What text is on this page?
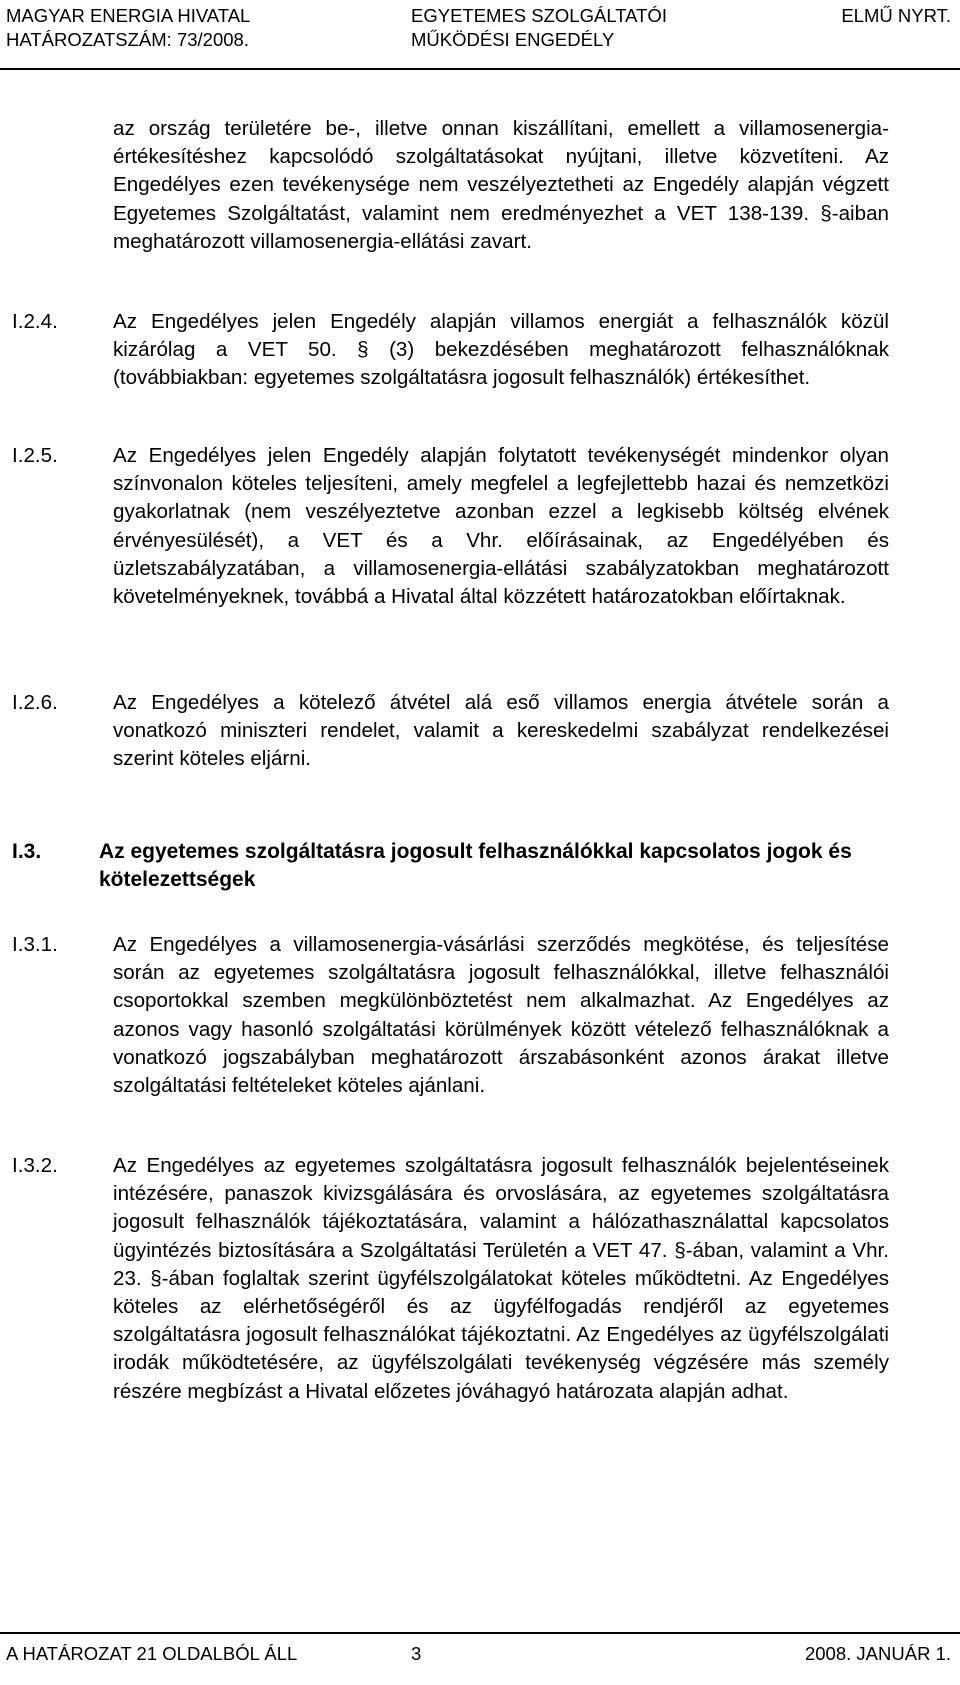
MAGYAR ENERGIA HIVATAL
HATÁROZATSZÁM: 73/2008.
EGYETEMES SZOLGÁLTATÓI
MŰKÖDÉSI ENGEDÉLY
ELMŰ NYRT.
az ország területére be-, illetve onnan kiszállítani, emellett a villamosenergia-értékesítéshez kapcsolódó szolgáltatásokat nyújtani, illetve közvetíteni. Az Engedélyes ezen tevékenysége nem veszélyeztetheti az Engedély alapján végzett Egyetemes Szolgáltatást, valamint nem eredményezhet a VET 138-139. §-aiban meghatározott villamosenergia-ellátási zavart.
I.2.4.	Az Engedélyes jelen Engedély alapján villamos energiát a felhasználók közül kizárólag a VET 50. § (3) bekezdésében meghatározott felhasználóknak (továbbiakban: egyetemes szolgáltatásra jogosult felhasználók) értékesíthet.
I.2.5.	Az Engedélyes jelen Engedély alapján folytatott tevékenységét mindenkor olyan színvonalon köteles teljesíteni, amely megfelel a legfejlettebb hazai és nemzetközi gyakorlatnak (nem veszélyeztetve azonban ezzel a legkisebb költség elvének érvényesülését), a VET és a Vhr. előírásainak, az Engedélyében és üzletszabályzatában, a villamosenergia-ellátási szabályzatokban meghatározott követelményeknek, továbbá a Hivatal által közzétett határozatokban előírtaknak.
I.2.6.	Az Engedélyes a kötelező átvétel alá eső villamos energia átvétele során a vonatkozó miniszteri rendelet, valamit a kereskedelmi szabályzat rendelkezései szerint köteles eljárni.
I.3.	Az egyetemes szolgáltatásra jogosult felhasználókkal kapcsolatos jogok és kötelezettségek
I.3.1.	Az Engedélyes a villamosenergia-vásárlási szerződés megkötése, és teljesítése során az egyetemes szolgáltatásra jogosult felhasználókkal, illetve felhasználói csoportokkal szemben megkülönböztetést nem alkalmazhat. Az Engedélyes az azonos vagy hasonló szolgáltatási körülmények között vételező felhasználóknak a vonatkozó jogszabályban meghatározott árszabásonként azonos árakat illetve szolgáltatási feltételeket köteles ajánlani.
I.3.2.	Az Engedélyes az egyetemes szolgáltatásra jogosult felhasználók bejelentéseinek intézésére, panaszok kivizsgálására és orvoslására, az egyetemes szolgáltatásra jogosult felhasználók tájékoztatására, valamint a hálózathasználattal kapcsolatos ügyintézés biztosítására a Szolgáltatási Területén a VET 47. §-ában, valamint a Vhr. 23. §-ában foglaltak szerint ügyfélszolgálatokat köteles működtetni. Az Engedélyes köteles az elérhetőségéről és az ügyfélfogadás rendjéről az egyetemes szolgáltatásra jogosult felhasználókat tájékoztatni. Az Engedélyes az ügyfélszolgálati irodák működtetésére, az ügyfélszolgálati tevékenység végzésére más személy részére megbízást a Hivatal előzetes jóváhagyó határozata alapján adhat.
A HATÁROZAT 21 OLDALBÓL ÁLL	3	2008. JANUÁR 1.
